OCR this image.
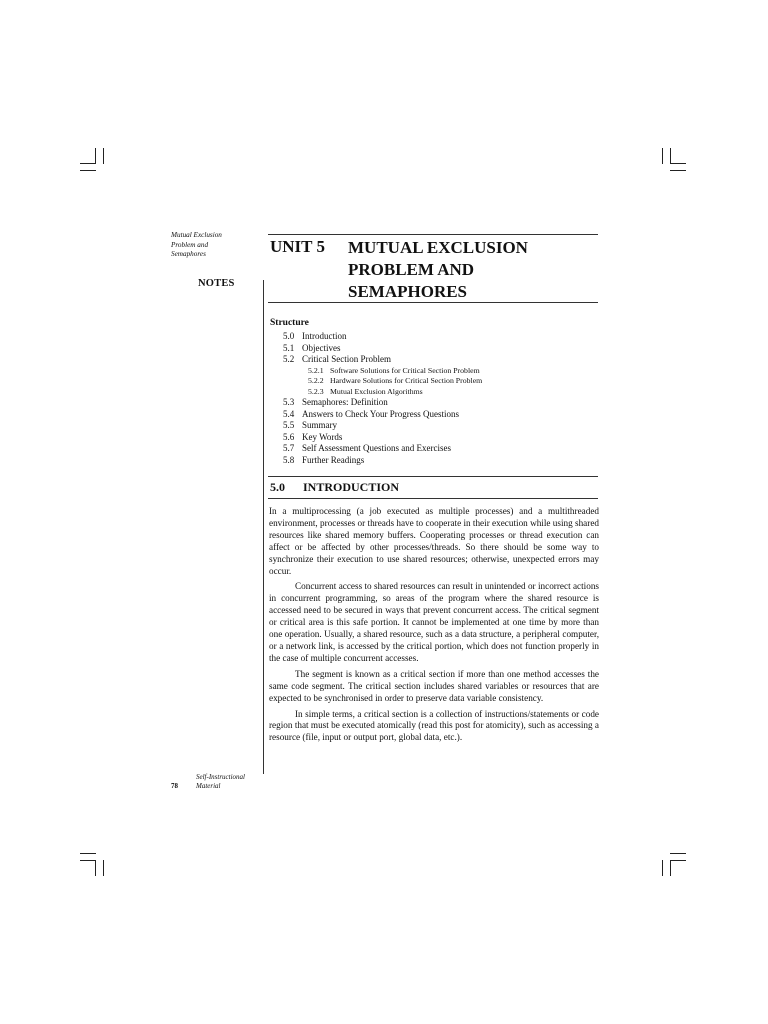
Mutual Exclusion
Problem and
Semaphores
NOTES
UNIT 5 MUTUAL EXCLUSION
PROBLEM AND
SEMAPHORES
Structure
5.0 Introduction
5.1 Objectives
5.2 Critical Section Problem
5.2.1 Software Solutions for Critical Section Problem
5.2.2 Hardware Solutions for Critical Section Problem
5.2.3 Mutual Exclusion Algorithms
5.3 Semaphores: Definition
5.4 Answers to Check Your Progress Questions
5.5 Summary
5.6 Key Words
5.7 Self Assessment Questions and Exercises
5.8 Further Readings
5.0 INTRODUCTION

In a multiprocessing (a job executed as multiple processes) and a multithreaded environment, processes or threads have to cooperate in their execution while using shared resources like shared memory buffers. Cooperating processes or thread execution can affect or be affected by other processes/threads. So there should be some way to synchronize their execution to use shared resources; otherwise, unexpected errors may occur.

Concurrent access to shared resources can result in unintended or incorrect actions in concurrent programming, so areas of the program where the shared resource is accessed need to be secured in ways that prevent concurrent access. The critical segment or critical area is this safe portion. It cannot be implemented at one time by more than one operation. Usually, a shared resource, such as a data structure, a peripheral computer, or a network link, is accessed by the critical portion, which does not function properly in the case of multiple concurrent accesses.

The segment is known as a critical section if more than one method accesses the same code segment. The critical section includes shared variables or resources that are expected to be synchronised in order to preserve data variable consistency.

In simple terms, a critical section is a collection of instructions/statements or code region that must be executed atomically (read this post for atomicity), such as accessing a resource (file, input or output port, global data, etc.).

78
Self-Instructional
Material
